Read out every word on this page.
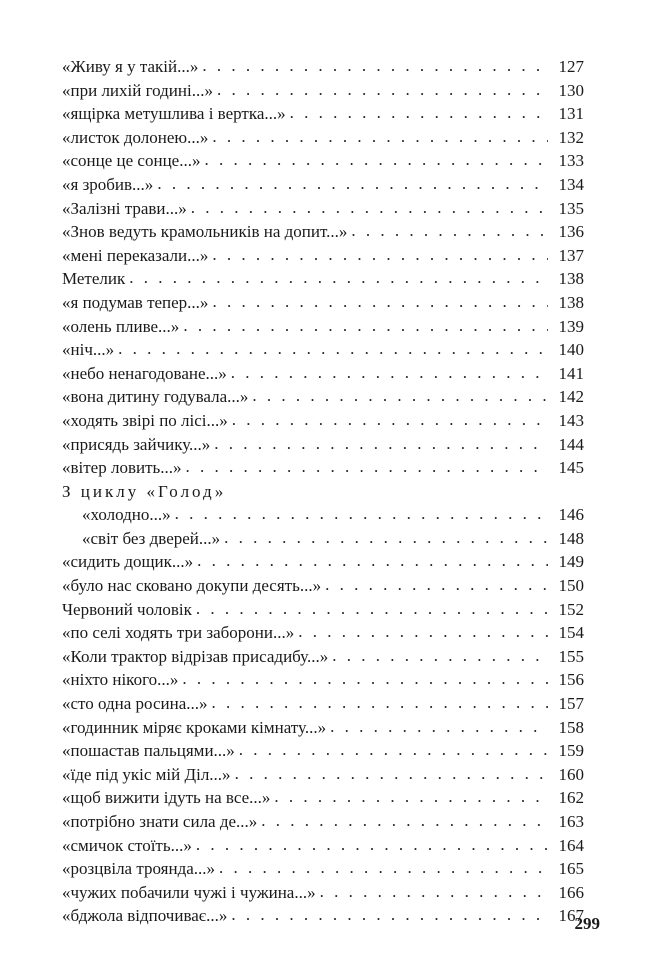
«Живу я у такій...» . . .	127
«при лихій годині...» . . .	130
«ящірка метушлива і вертка...» . . .	131
«листок долонею...» . . .	132
«сонце це сонце...» . . .	133
«я зробив...» . . .	134
«Залізні трави...» . . .	135
«Знов ведуть крамольників на допит...» . . .	136
«мені переказали...» . . .	137
Метелик . . .	138
«я подумав тепер...» . . .	138
«олень пливе...» . . .	139
«ніч...» . . .	140
«небо ненагодоване...» . . .	141
«вона дитину годувала...» . . .	142
«ходять звірі по лісі...» . . .	143
«присядь зайчику...» . . .	144
«вітер ловить...» . . .	145
З циклу «Голод»
«холодно...» . . .	146
«світ без дверей...» . . .	148
«сидить дощик...» . . .	149
«було нас сковано докупи десять...» . . .	150
Червоний чоловік . . .	152
«по селі ходять три заборони...» . . .	154
«Коли трактор відрізав присадибу...» . . .	155
«ніхто нікого...» . . .	156
«сто одна росина...» . . .	157
«годинник міряє кроками кімнату...» . . .	158
«пошастав пальцями...» . . .	159
«їде під укіс мій Діл...» . . .	160
«щоб вижити ідуть на все...» . . .	162
«потрібно знати сила де...» . . .	163
«смичок стоїть...» . . .	164
«розцвіла троянда...» . . .	165
«чужих побачили чужі і чужина...» . . .	166
«бджола відпочиває...» . . .	167
299
